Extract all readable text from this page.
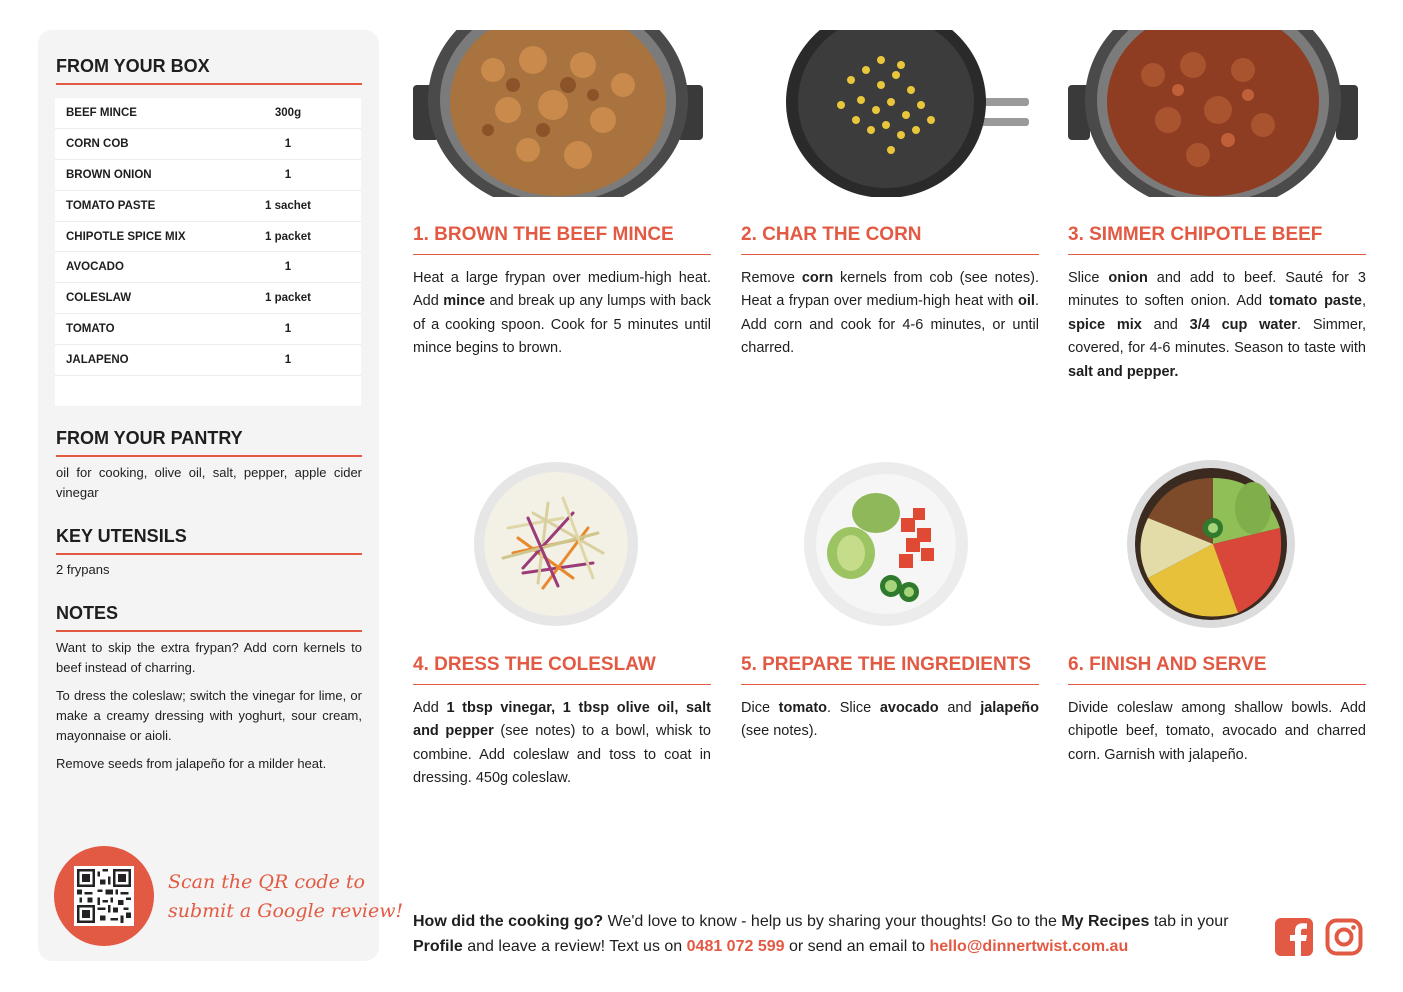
FROM YOUR BOX
BEEF MINCE	300g
CORN COB	1
BROWN ONION	1
TOMATO PASTE	1 sachet
CHIPOTLE SPICE MIX	1 packet
AVOCADO	1
COLESLAW	1 packet
TOMATO	1
JALAPENO	1
FROM YOUR PANTRY
oil for cooking, olive oil, salt, pepper, apple cider vinegar
KEY UTENSILS
2 frypans
NOTES

Want to skip the extra frypan? Add corn kernels to beef instead of charring.

To dress the coleslaw; switch the vinegar for lime, or make a creamy dressing with yoghurt, sour cream, mayonnaise or aioli.

Remove seeds from jalapeño for a milder heat.

Scan the QR code to
submit a Google review!
1. BROWN THE BEEF MINCE	2. CHAR THE CORN	3. SIMMER CHIPOTLE BEEF
4. DRESS THE COLESLAW	5. PREPARE THE INGREDIENTS	6. FINISH AND SERVE
Heat a large frypan over medium-high heat. Add mince and break up any lumps with back of a cooking spoon. Cook for 5 minutes until mince begins to brown.
Remove corn kernels from cob (see notes). Heat a frypan over medium-high heat with oil. Add corn and cook for 4-6 minutes, or until charred.
Slice onion and add to beef. Sauté for 3 minutes to soften onion. Add tomato paste, spice mix and 3/4 cup water. Simmer, covered, for 4-6 minutes. Season to taste with salt and pepper.
Add 1 tbsp vinegar, 1 tbsp olive oil, salt and pepper (see notes) to a bowl, whisk to combine. Add coleslaw and toss to coat in dressing. 450g coleslaw.
Dice tomato. Slice avocado and jalapeño (see notes).
Divide coleslaw among shallow bowls. Add chipotle beef, tomato, avocado and charred corn. Garnish with jalapeño.
How did the cooking go? We'd love to know - help us by sharing your thoughts! Go to the My Recipes tab in your Profile and leave a review! Text us on 0481 072 599 or send an email to hello@dinnertwist.com.au
